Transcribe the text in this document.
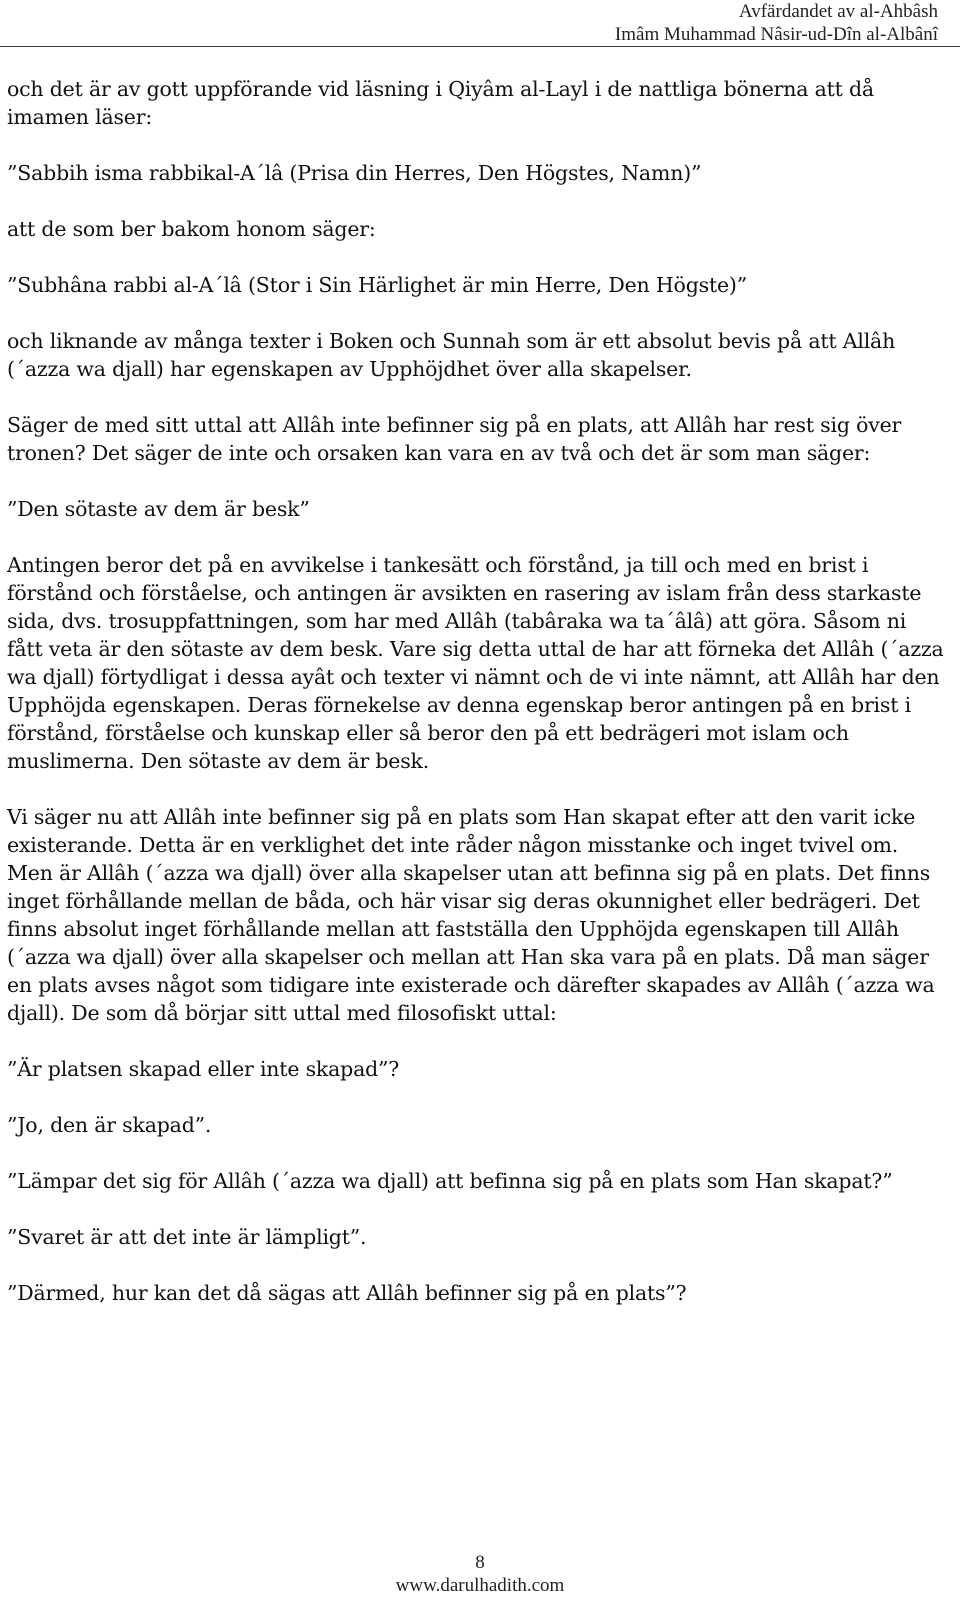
Avfärdandet av al-Ahbâsh
Imâm Muhammad Nâsir-ud-Dîn al-Albânî

och det är av gott uppförande vid läsning i Qiyâm al-Layl i de nattliga bönerna att då imamen läser:

”Sabbih isma rabbikal-A´lâ (Prisa din Herres, Den Högstes, Namn)”

att de som ber bakom honom säger:

”Subhâna rabbi al-A´lâ (Stor i Sin Härlighet är min Herre, Den Högste)”

och liknande av många texter i Boken och Sunnah som är ett absolut bevis på att Allâh (´azza wa djall) har egenskapen av Upphöjdhet över alla skapelser.

Säger de med sitt uttal att Allâh inte befinner sig på en plats, att Allâh har rest sig över tronen? Det säger de inte och orsaken kan vara en av två och det är som man säger:

”Den sötaste av dem är besk”

Antingen beror det på en avvikelse i tankesätt och förstånd, ja till och med en brist i förstånd och förståelse, och antingen är avsikten en rasering av islam från dess starkaste sida, dvs. trosuppfattningen, som har med Allâh (tabâraka wa ta´âlâ) att göra. Såsom ni fått veta är den sötaste av dem besk. Vare sig detta uttal de har att förneka det Allâh (´azza wa djall) förtydligat i dessa ayât och texter vi nämnt och de vi inte nämnt, att Allâh har den Upphöjda egenskapen. Deras förnekelse av denna egenskap beror antingen på en brist i förstånd, förståelse och kunskap eller så beror den på ett bedrägeri mot islam och muslimerna. Den sötaste av dem är besk.

Vi säger nu att Allâh inte befinner sig på en plats som Han skapat efter att den varit icke existerande. Detta är en verklighet det inte råder någon misstanke och inget tvivel om. Men är Allâh (´azza wa djall) över alla skapelser utan att befinna sig på en plats. Det finns inget förhållande mellan de båda, och här visar sig deras okunnighet eller bedrägeri. Det finns absolut inget förhållande mellan att fastställa den Upphöjda egenskapen till Allâh (´azza wa djall) över alla skapelser och mellan att Han ska vara på en plats. Då man säger en plats avses något som tidigare inte existerade och därefter skapades av Allâh (´azza wa djall). De som då börjar sitt uttal med filosofiskt uttal:

”Är platsen skapad eller inte skapad”?

”Jo, den är skapad”.

”Lämpar det sig för Allâh (´azza wa djall) att befinna sig på en plats som Han skapat?”

”Svaret är att det inte är lämpligt”.

”Därmed, hur kan det då sägas att Allâh befinner sig på en plats”?

8
www.darulhadith.com
